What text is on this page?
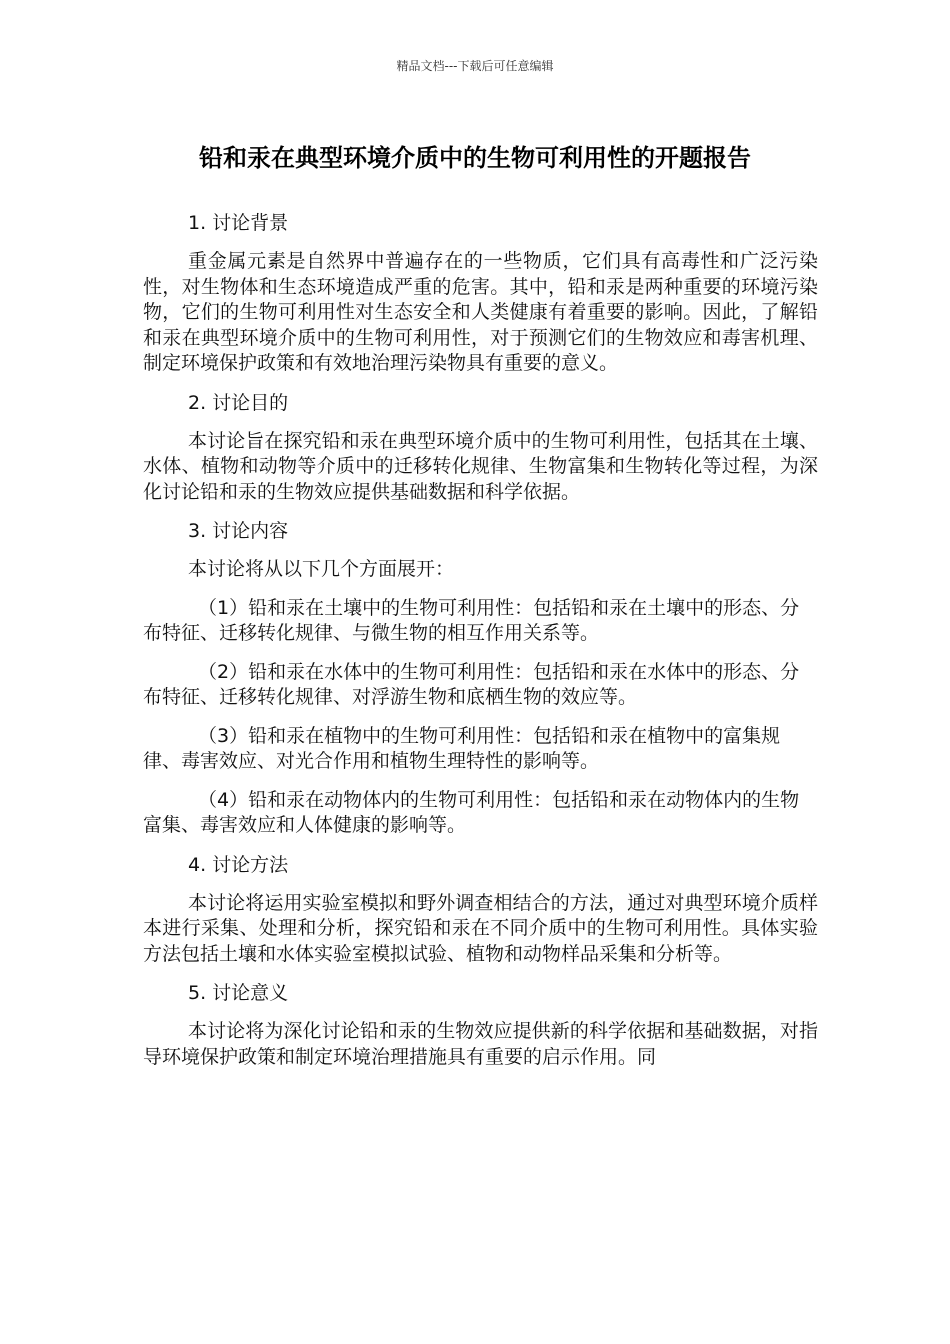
精品文档---下载后可任意编辑
铅和汞在典型环境介质中的生物可利用性的开题报告
1. 讨论背景

重金属元素是自然界中普遍存在的一些物质，它们具有高毒性和广泛污染性，对生物体和生态环境造成严重的危害。其中，铅和汞是两种重要的环境污染物，它们的生物可利用性对生态安全和人类健康有着重要的影响。因此，了解铅和汞在典型环境介质中的生物可利用性，对于预测它们的生物效应和毒害机理、制定环境保护政策和有效地治理污染物具有重要的意义。

2. 讨论目的

本讨论旨在探究铅和汞在典型环境介质中的生物可利用性，包括其在土壤、水体、植物和动物等介质中的迁移转化规律、生物富集和生物转化等过程，为深化讨论铅和汞的生物效应提供基础数据和科学依据。

3. 讨论内容

本讨论将从以下几个方面展开：

（1）铅和汞在土壤中的生物可利用性：包括铅和汞在土壤中的形态、分布特征、迁移转化规律、与微生物的相互作用关系等。

（2）铅和汞在水体中的生物可利用性：包括铅和汞在水体中的形态、分布特征、迁移转化规律、对浮游生物和底栖生物的效应等。

（3）铅和汞在植物中的生物可利用性：包括铅和汞在植物中的富集规律、毒害效应、对光合作用和植物生理特性的影响等。

（4）铅和汞在动物体内的生物可利用性：包括铅和汞在动物体内的生物富集、毒害效应和人体健康的影响等。

4. 讨论方法

本讨论将运用实验室模拟和野外调查相结合的方法，通过对典型环境介质样本进行采集、处理和分析，探究铅和汞在不同介质中的生物可利用性。具体实验方法包括土壤和水体实验室模拟试验、植物和动物样品采集和分析等。

5. 讨论意义

本讨论将为深化讨论铅和汞的生物效应提供新的科学依据和基础数据，对指导环境保护政策和制定环境治理措施具有重要的启示作用。同
